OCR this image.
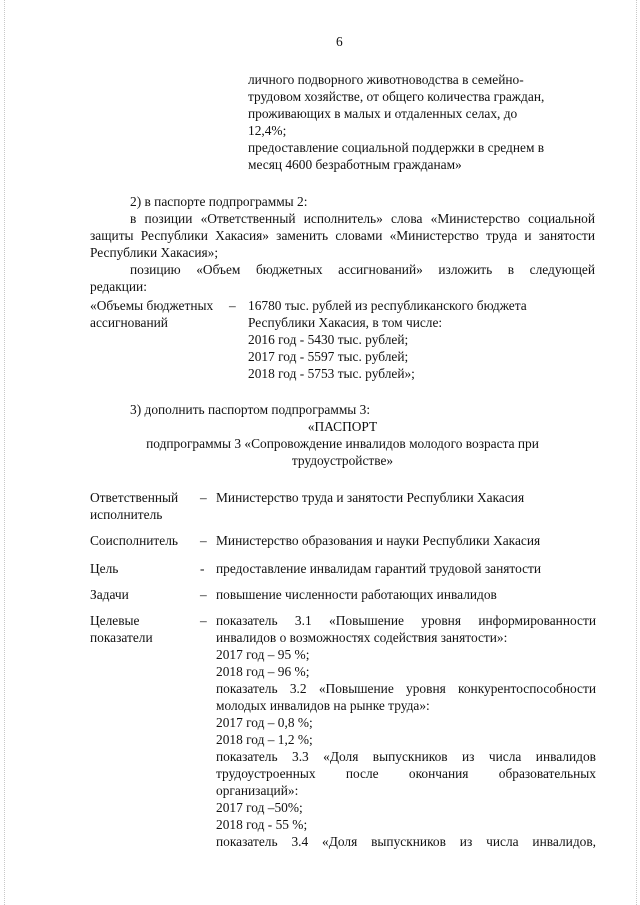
6
личного подворного животноводства в семейно-
трудовом хозяйстве, от общего количества граждан,
проживающих в малых и отдаленных селах, до
12,4%;
предоставление социальной поддержки в среднем в
месяц 4600 безработным гражданам»
2) в паспорте подпрограммы 2:
в позиции «Ответственный исполнитель» слова «Министерство социальной
защиты Республики Хакасия» заменить словами «Министерство труда и занятости
Республики Хакасия»;
позицию «Объем бюджетных ассигнований» изложить в следующей
редакции:
«Объемы бюджетных
ассигнований
– 16780 тыс. рублей из республиканского бюджета
Республики Хакасия, в том числе:
2016 год - 5430 тыс. рублей;
2017 год - 5597 тыс. рублей;
2018 год - 5753 тыс. рублей»;
3) дополнить паспортом подпрограммы 3:
«ПАСПОРТ
подпрограммы 3 «Сопровождение инвалидов молодого возраста при
трудоустройстве»
Ответственный
исполнитель
– Министерство труда и занятости Республики Хакасия
Соисполнитель – Министерство образования и науки Республики Хакасия
Цель	- предоставление инвалидам гарантий трудовой занятости
Задачи	– повышение численности работающих инвалидов
Целевые
показатели
– показатель 3.1 «Повышение уровня информированности
инвалидов о возможностях содействия занятости»:
2017 год – 95 %;
2018 год – 96 %;
показатель 3.2 «Повышение уровня конкурентоспособности
молодых инвалидов на рынке труда»:
2017 год – 0,8 %;
2018 год – 1,2 %;
показатель 3.3 «Доля выпускников из числа инвалидов
трудоустроенных после окончания образовательных
организаций»:
2017 год –50%;
2018 год - 55 %;
показатель 3.4 «Доля выпускников из числа инвалидов,
